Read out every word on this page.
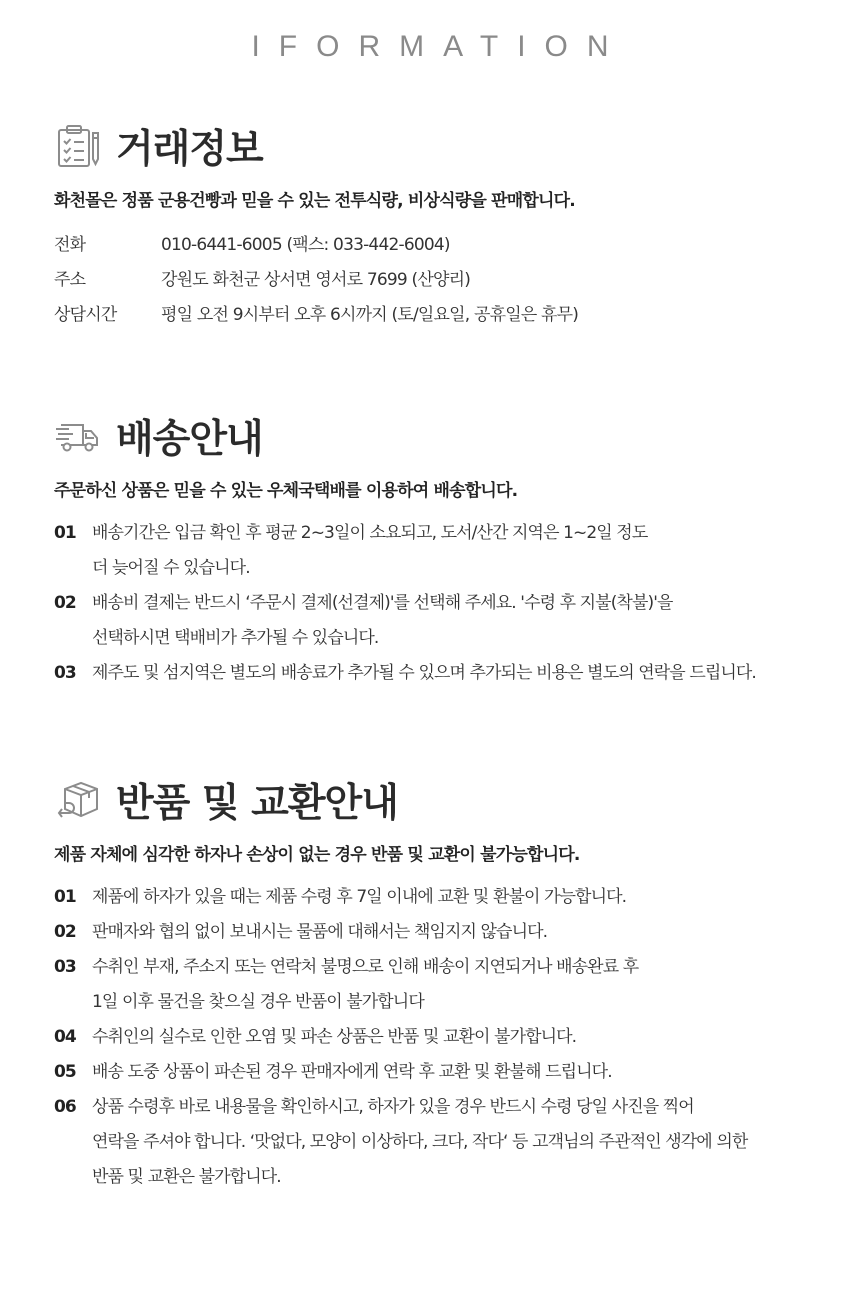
IFORMATION
거래정보
화천몰은 정품 군용건빵과 믿을 수 있는 전투식량, 비상식량을 판매합니다.
전화	010-6441-6005 (팩스: 033-442-6004)
주소	강원도 화천군 상서면 영서로 7699 (산양리)
상담시간	평일 오전 9시부터 오후 6시까지 (토/일요일, 공휴일은 휴무)
배송안내
주문하신 상품은 믿을 수 있는 우체국택배를 이용하여 배송합니다.
01 배송기간은 입금 확인 후 평균 2~3일이 소요되고, 도서/산간 지역은 1~2일 정도
더 늦어질 수 있습니다.
02 배송비 결제는 반드시 ‘주문시 결제(선결제)'를 선택해 주세요. '수령 후 지불(착불)'을
선택하시면 택배비가 추가될 수 있습니다.
03 제주도 및 섬지역은 별도의 배송료가 추가될 수 있으며 추가되는 비용은 별도의 연락을 드립니다.
반품 및 교환안내
제품 자체에 심각한 하자나 손상이 없는 경우 반품 및 교환이 불가능합니다.
01 제품에 하자가 있을 때는 제품 수령 후 7일 이내에 교환 및 환불이 가능합니다.
02 판매자와 협의 없이 보내시는 물품에 대해서는 책임지지 않습니다.
03 수취인 부재, 주소지 또는 연락처 불명으로 인해 배송이 지연되거나 배송완료 후
1일 이후 물건을 찾으실 경우 반품이 불가합니다
04 수취인의 실수로 인한 오염 및 파손 상품은 반품 및 교환이 불가합니다.
05 배송 도중 상품이 파손된 경우 판매자에게 연락 후 교환 및 환불해 드립니다.
06 상품 수령후 바로 내용물을 확인하시고, 하자가 있을 경우 반드시 수령 당일 사진을 찍어
연락을 주셔야 합니다. ‘맛없다, 모양이 이상하다, 크다, 작다‘ 등 고객님의 주관적인 생각에 의한
반품 및 교환은 불가합니다.
